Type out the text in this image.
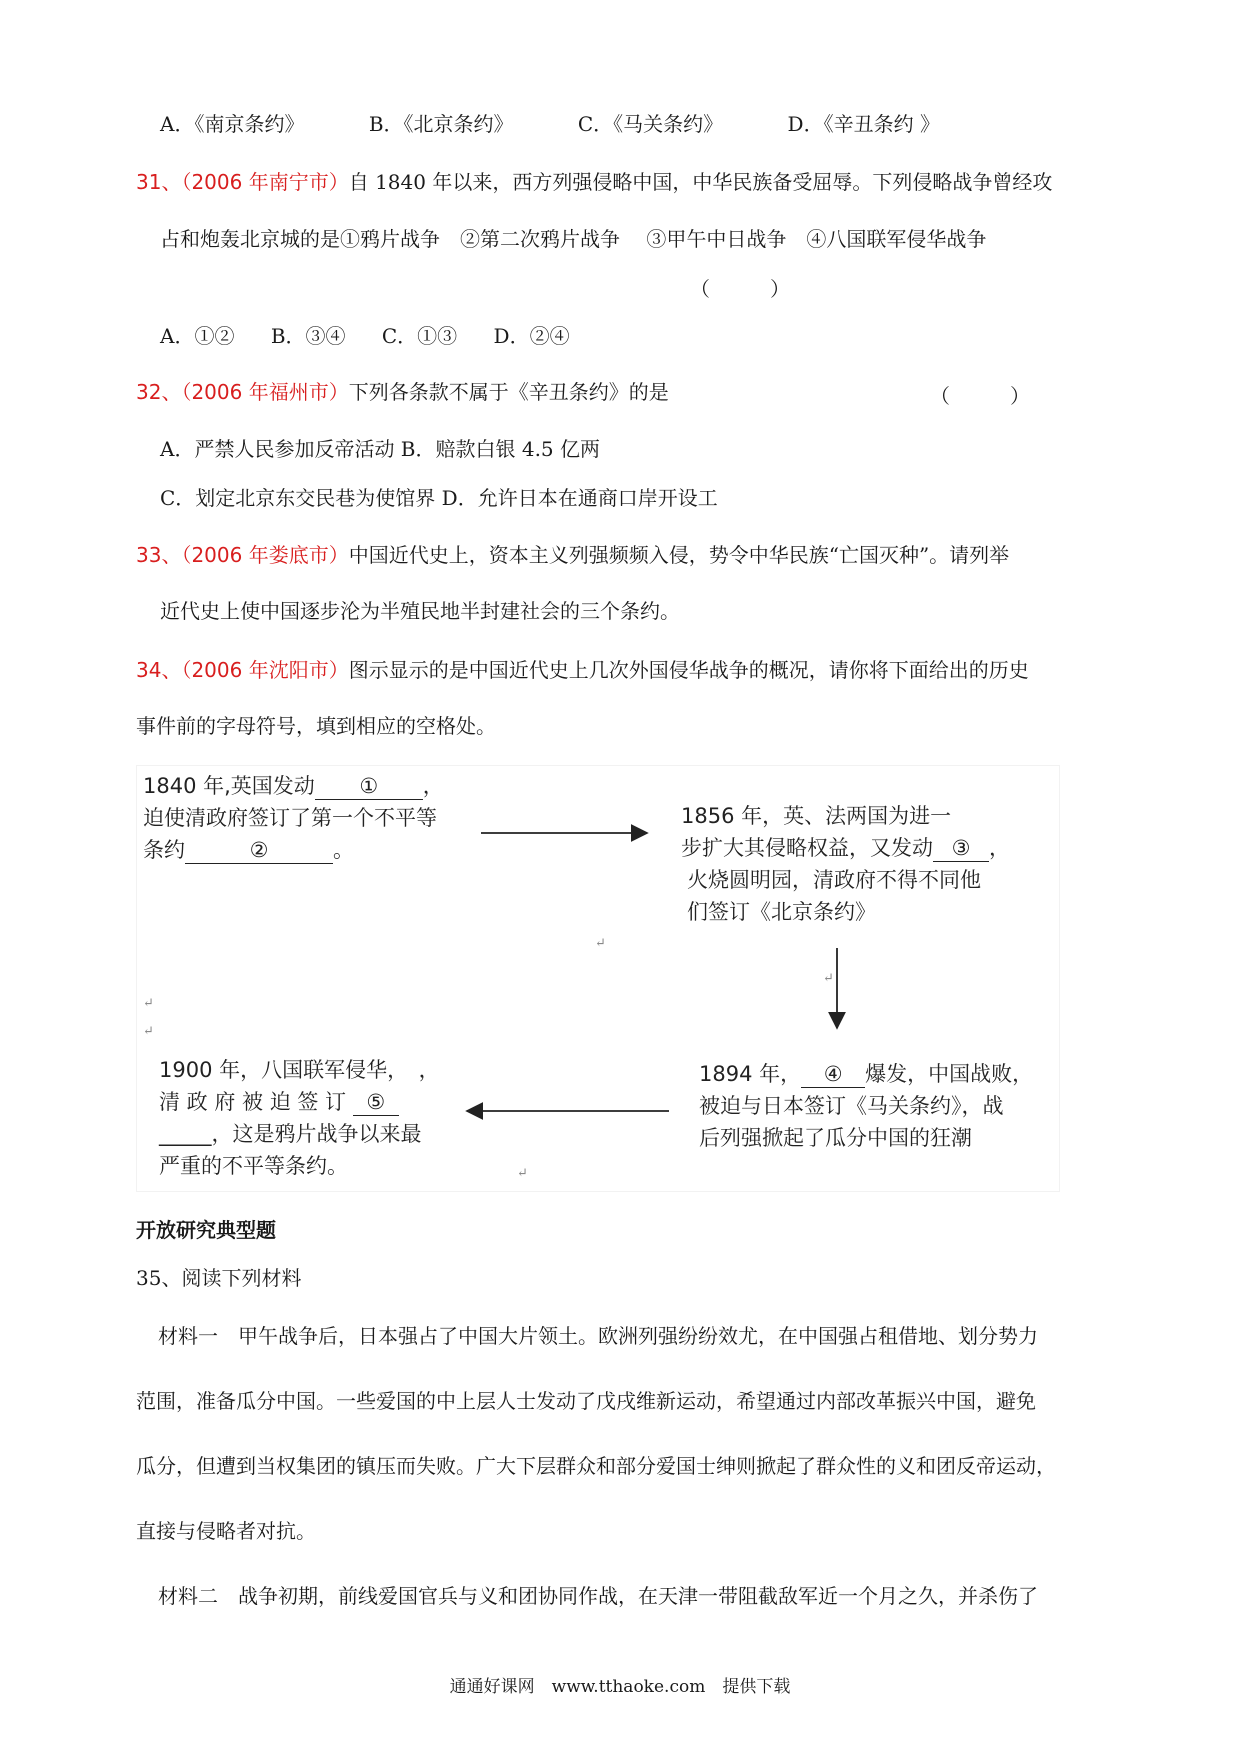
A．《南京条约》	B．《北京条约》	C．《马关条约》	D．《辛丑条约 》
31、（2006 年南宁市）自 1840 年以来，西方列强侵略中国，中华民族备受屈辱。下列侵略战争曾经攻
占和炮轰北京城的是①鸦片战争　②第二次鸦片战争　 ③甲午中日战争　④八国联军侵华战争
（　　　）
A．①② B．③④ C．①③ D．②④
32、（2006 年福州市）下列各条款不属于《辛丑条约》的是	（　　　）
A．严禁人民参加反帝活动 B．赔款白银 4.5 亿两
C．划定北京东交民巷为使馆界 D．允许日本在通商口岸开设工
33、（2006 年娄底市）中国近代史上，资本主义列强频频入侵，势令中华民族“亡国灭种”。请列举
近代史上使中国逐步沦为半殖民地半封建社会的三个条约。
34、（2006 年沈阳市）图示显示的是中国近代史上几次外国侵华战争的概况，请你将下面给出的历史
事件前的字母符号，填到相应的空格处。
1840 年,英国发动 ① ，
迫使清政府签订了第一个不平等
条约	②	。
1856 年，英、法两国为进一
步扩大其侵略权益，又发动 ③ ，
火烧圆明园，清政府不得不同他
们签订《北京条约》
1894 年， ④ 爆发，中国战败，
被迫与日本签订《马关条约》，战
后列强掀起了瓜分中国的狂潮
1900 年，八国联军侵华，　，
清 政 府 被 迫 签 订 ⑤
_____，这是鸦片战争以来最
严重的不平等条约。
↵
↵
↵
↵
↵
开放研究典型题
35、阅读下列材料
材料一　甲午战争后，日本强占了中国大片领土。欧洲列强纷纷效尤，在中国强占租借地、划分势力
范围，准备瓜分中国。一些爱国的中上层人士发动了戊戌维新运动，希望通过内部改革振兴中国，避免
瓜分，但遭到当权集团的镇压而失败。广大下层群众和部分爱国士绅则掀起了群众性的义和团反帝运动，
直接与侵略者对抗。
材料二　战争初期，前线爱国官兵与义和团协同作战，在天津一带阻截敌军近一个月之久，并杀伤了
通通好课网　www.tthaoke.com　提供下载
